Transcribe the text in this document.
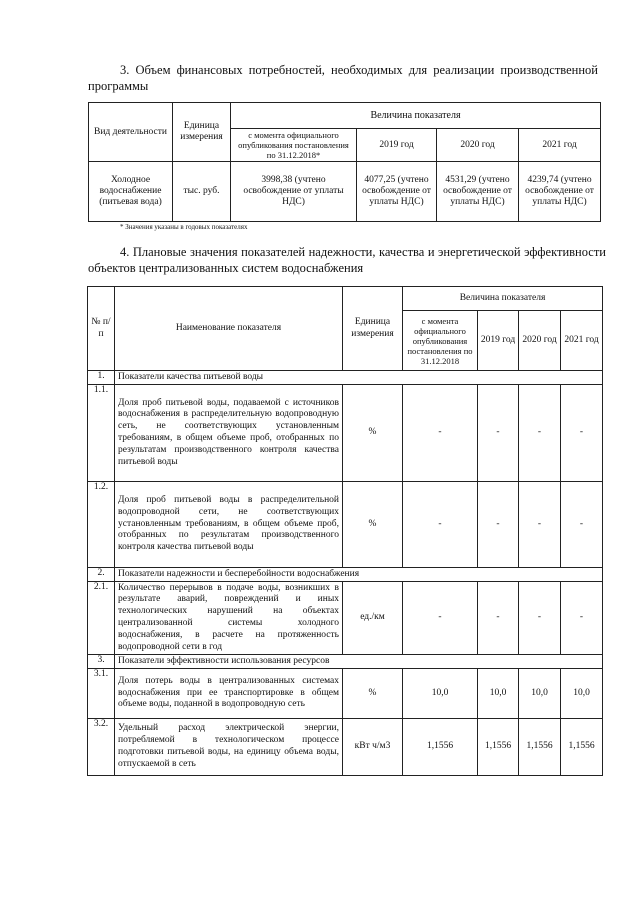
3. Объем финансовых потребностей, необходимых для реализации производственной программы
Вид деятельности	Единица измерения	Величина показателя			
		с момента официального опубликования постановления по 31.12.2018*	2019 год	2020 год	2021 год
Холодное водоснабжение (питьевая вода)	тыс. руб.	3998,38 (учтено освобождение от уплаты НДС)	4077,25 (учтено освобождение от уплаты НДС)	4531,29 (учтено освобождение от уплаты НДС)	4239,74 (учтено освобождение от уплаты НДС)
* Значения указаны в годовых показателях
4. Плановые значения показателей надежности, качества и энергетической эффективности объектов централизованных систем водоснабжения
№ п/п	Наименование показателя	Единица измерения	Величина показателя			
			с момента официального опубликования постановления по 31.12.2018	2019 год	2020 год	2021 год
1.	Показатели качества питьевой воды					
1.1.	Доля проб питьевой воды, подаваемой с источников водоснабжения в распределительную водопроводную сеть, не соответствующих установленным требованиям, в общем объеме проб, отобранных по результатам производственного контроля качества питьевой воды	%	-	-	-	-
1.2.	Доля проб питьевой воды в распределительной водопроводной сети, не соответствующих установленным требованиям, в общем объеме проб, отобранных по результатам производственного контроля качества питьевой воды	%	-	-	-	-
2.	Показатели надежности и бесперебойности водоснабжения					
2.1.	Количество перерывов в подаче воды, возникших в результате аварий, повреждений и иных технологических нарушений на объектах централизованной системы холодного водоснабжения, в расчете на протяженность водопроводной сети в год	ед./км	-	-	-	-
3.	Показатели эффективности использования ресурсов					
3.1.	Доля потерь воды в централизованных системах водоснабжения при ее транспортировке в общем объеме воды, поданной в водопроводную сеть	%	10,0	10,0	10,0	10,0
3.2.	Удельный расход электрической энергии, потребляемой в технологическом процессе подготовки питьевой воды, на единицу объема воды, отпускаемой в сеть	кВт ч/м3	1,1556	1,1556	1,1556	1,1556
